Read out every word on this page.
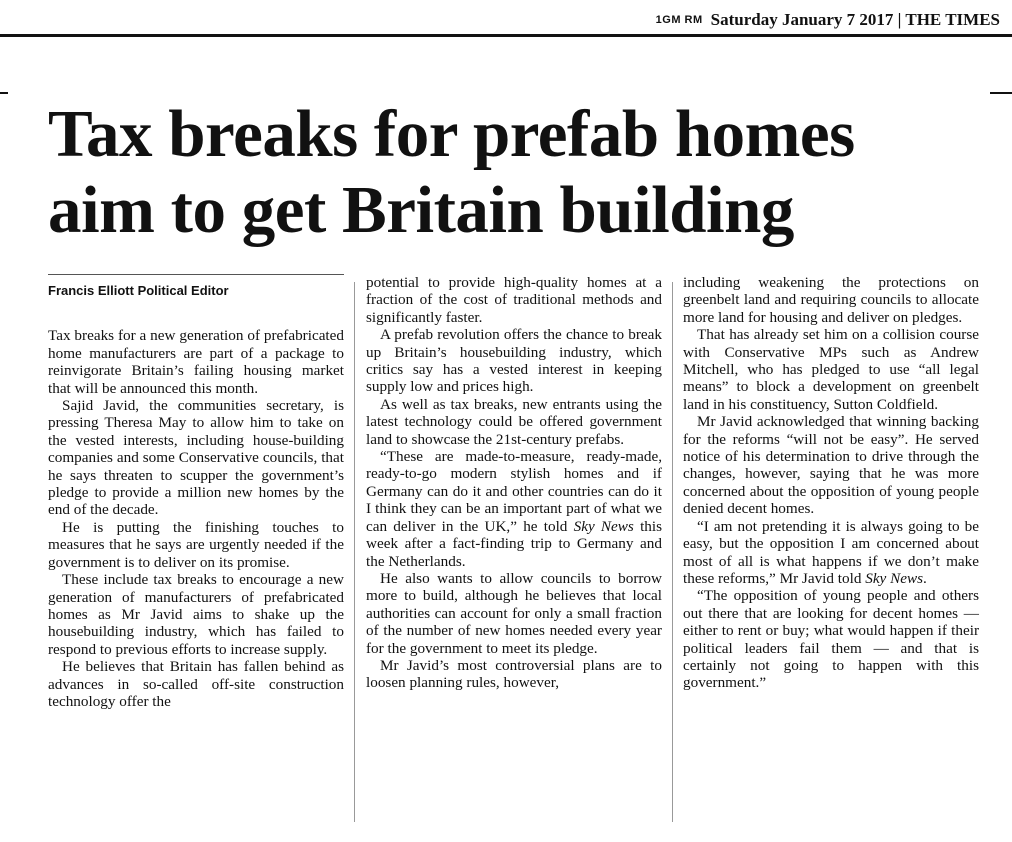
1GM RM Saturday January 7 2017 | THE TIMES
Tax breaks for prefab homes
aim to get Britain building
Francis Elliott Political Editor

Tax breaks for a new generation of prefabricated home manufacturers are part of a package to reinvigorate Britain’s failing housing market that will be announced this month.

Sajid Javid, the communities secretary, is pressing Theresa May to allow him to take on the vested interests, including house-building companies and some Conservative councils, that he says threaten to scupper the government’s pledge to provide a million new homes by the end of the decade.

He is putting the finishing touches to measures that he says are urgently needed if the government is to deliver on its promise.

These include tax breaks to encourage a new generation of manufacturers of prefabricated homes as Mr Javid aims to shake up the housebuilding industry, which has failed to respond to previous efforts to increase supply.

He believes that Britain has fallen behind as advances in so-called off-site construction technology offer the

potential to provide high-quality homes at a fraction of the cost of traditional methods and significantly faster.

A prefab revolution offers the chance to break up Britain’s housebuilding industry, which critics say has a vested interest in keeping supply low and prices high.

As well as tax breaks, new entrants using the latest technology could be offered government land to showcase the 21st-century prefabs.

“These are made-to-measure, ready-made, ready-to-go modern stylish homes and if Germany can do it and other countries can do it I think they can be an important part of what we can deliver in the UK,” he told Sky News this week after a fact-finding trip to Germany and the Netherlands.

He also wants to allow councils to borrow more to build, although he believes that local authorities can account for only a small fraction of the number of new homes needed every year for the government to meet its pledge.

Mr Javid’s most controversial plans are to loosen planning rules, however,

including weakening the protections on greenbelt land and requiring councils to allocate more land for housing and deliver on pledges.

That has already set him on a collision course with Conservative MPs such as Andrew Mitchell, who has pledged to use “all legal means” to block a development on greenbelt land in his constituency, Sutton Coldfield.

Mr Javid acknowledged that winning backing for the reforms “will not be easy”. He served notice of his determination to drive through the changes, however, saying that he was more concerned about the opposition of young people denied decent homes.

“I am not pretending it is always going to be easy, but the opposition I am concerned about most of all is what happens if we don’t make these reforms,” Mr Javid told Sky News.

“The opposition of young people and others out there that are looking for decent homes — either to rent or buy; what would happen if their political leaders fail them — and that is certainly not going to happen with this government.”
